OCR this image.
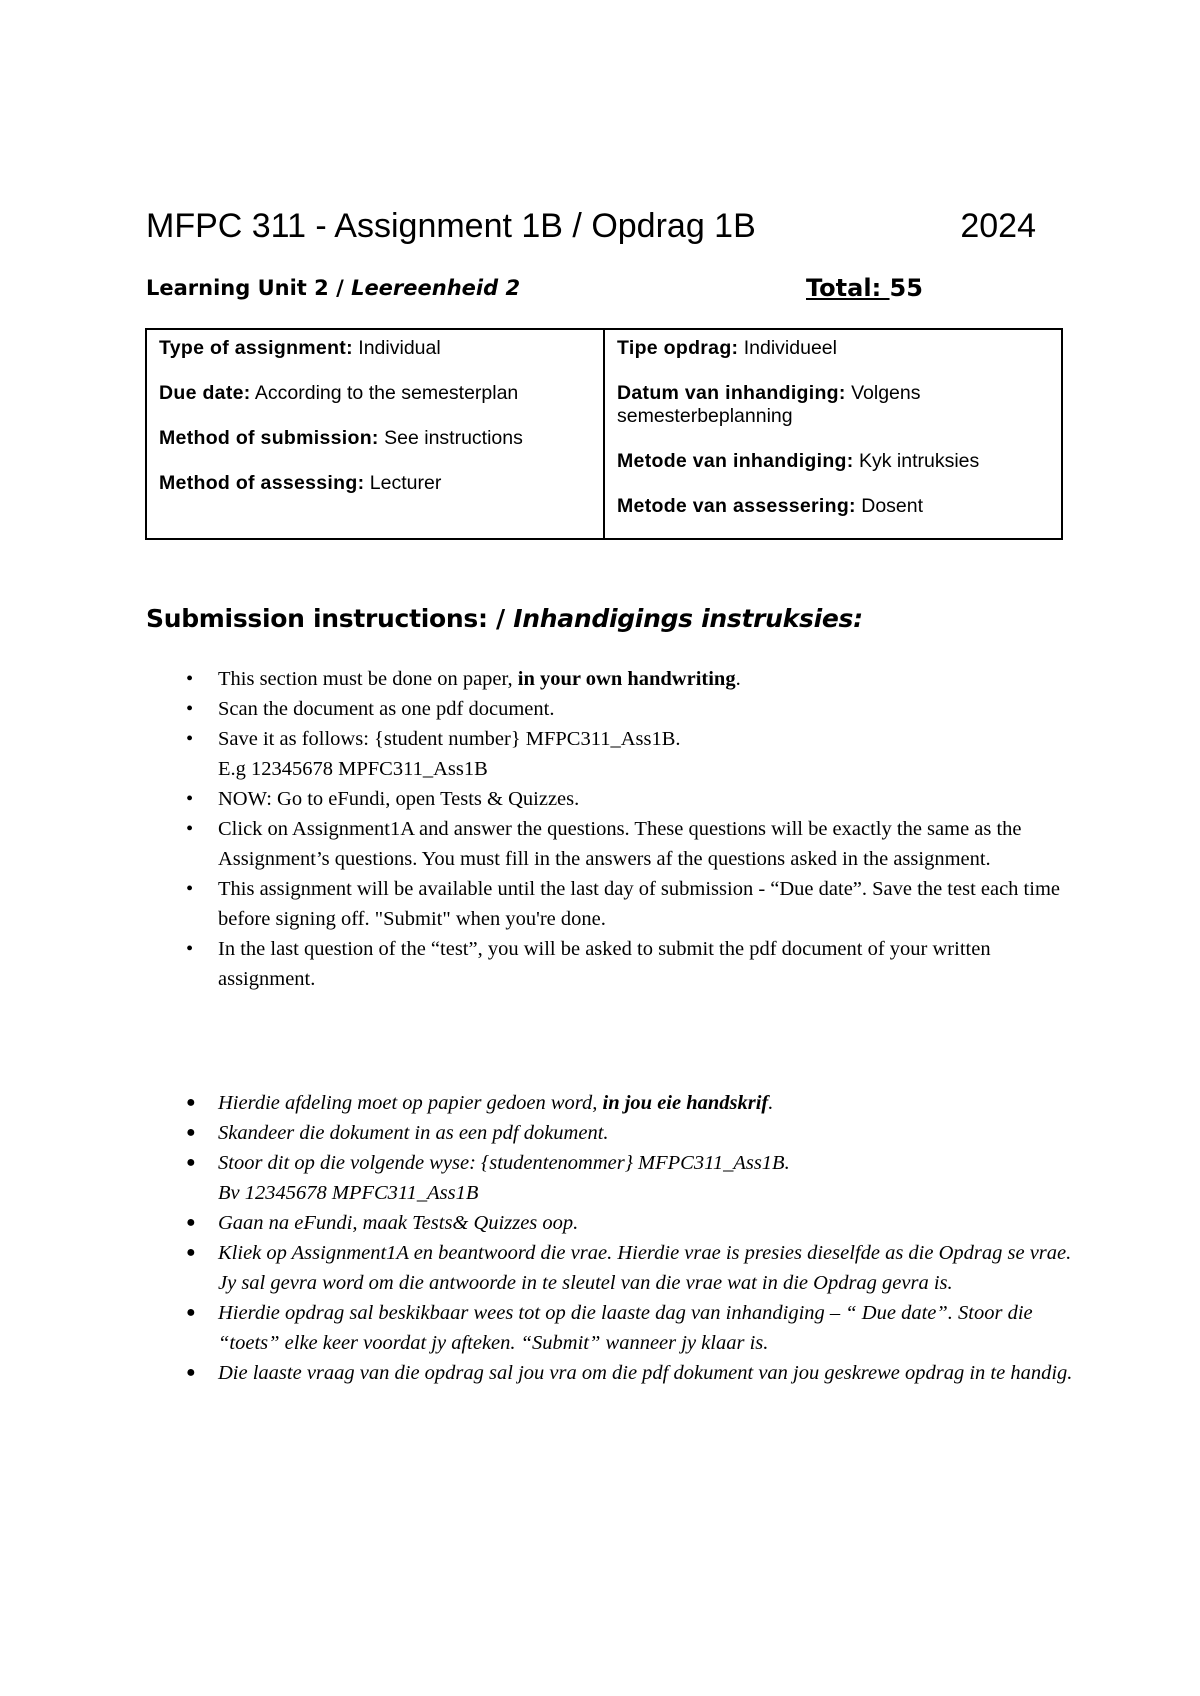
MFPC 311 - Assignment 1B / Opdrag 1B	2024
Learning Unit 2 / Leereenheid 2	Total: 55
Type of assignment: Individual
Due date: According to the semesterplan
Method of submission: See instructions
Method of assessing: Lecturer
Tipe opdrag: Individueel
Datum van inhandiging: Volgens semesterbeplanning
Metode van inhandiging: Kyk intruksies
Metode van assessering: Dosent
Submission instructions: / Inhandigings instruksies:
• This section must be done on paper, in your own handwriting.
• Scan the document as one pdf document.
• Save it as follows: {student number} MFPC311_Ass1B.
E.g 12345678 MPFC311_Ass1B
• NOW: Go to eFundi, open Tests & Quizzes.
• Click on Assignment1A and answer the questions. These questions will be exactly the same as the Assignment’s questions. You must fill in the answers af the questions asked in the assignment.
• This assignment will be available until the last day of submission - “Due date”. Save the test each time before signing off. "Submit" when you're done.
• In the last question of the “test”, you will be asked to submit the pdf document of your written assignment.
● Hierdie afdeling moet op papier gedoen word, in jou eie handskrif.
● Skandeer die dokument in as een pdf dokument.
● Stoor dit op die volgende wyse: {studentenommer} MFPC311_Ass1B.
Bv 12345678 MPFC311_Ass1B
● Gaan na eFundi, maak Tests& Quizzes oop.
● Kliek op Assignment1A en beantwoord die vrae. Hierdie vrae is presies dieselfde as die Opdrag se vrae. Jy sal gevra word om die antwoorde in te sleutel van die vrae wat in die Opdrag gevra is.
● Hierdie opdrag sal beskikbaar wees tot op die laaste dag van inhandiging – “ Due date”. Stoor die “toets” elke keer voordat jy afteken. “Submit” wanneer jy klaar is.
● Die laaste vraag van die opdrag sal jou vra om die pdf dokument van jou geskrewe opdrag in te handig.
